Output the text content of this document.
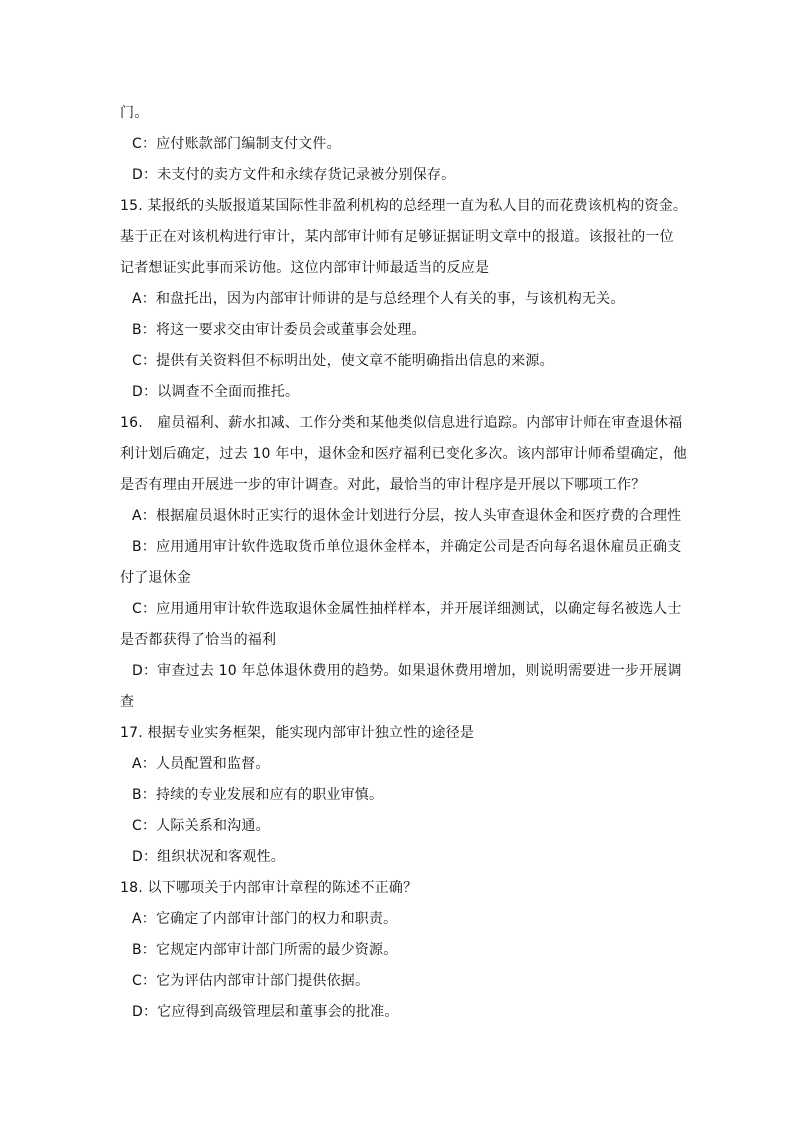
门。
C：应付账款部门编制支付文件。
D：未支付的卖方文件和永续存货记录被分别保存。
15. 某报纸的头版报道某国际性非盈利机构的总经理一直为私人目的而花费该机构的资金。
基于正在对该机构进行审计，某内部审计师有足够证据证明文章中的报道。该报社的一位
记者想证实此事而采访他。这位内部审计师最适当的反应是
A：和盘托出，因为内部审计师讲的是与总经理个人有关的事，与该机构无关。
B：将这一要求交由审计委员会或董事会处理。
C：提供有关资料但不标明出处，使文章不能明确指出信息的来源。
D：以调查不全面而推托。
16.　雇员福利、薪水扣减、工作分类和某他类似信息进行追踪。内部审计师在审查退休福
利计划后确定，过去 10 年中，退休金和医疗福利已变化多次。该内部审计师希望确定，他
是否有理由开展进一步的审计调查。对此，最恰当的审计程序是开展以下哪项工作？
A：根据雇员退休时正实行的退休金计划进行分层，按人头审查退休金和医疗费的合理性
B：应用通用审计软件选取货币单位退休金样本，并确定公司是否向每名退休雇员正确支
付了退休金
C：应用通用审计软件选取退休金属性抽样样本，并开展详细测试，以确定每名被选人士
是否都获得了恰当的福利
D：审查过去 10 年总体退休费用的趋势。如果退休费用增加，则说明需要进一步开展调
查
17. 根据专业实务框架，能实现内部审计独立性的途径是
A：人员配置和监督。
B：持续的专业发展和应有的职业审慎。
C：人际关系和沟通。
D：组织状况和客观性。
18. 以下哪项关于内部审计章程的陈述不正确？
A：它确定了内部审计部门的权力和职责。
B：它规定内部审计部门所需的最少资源。
C：它为评估内部审计部门提供依据。
D：它应得到高级管理层和董事会的批准。
